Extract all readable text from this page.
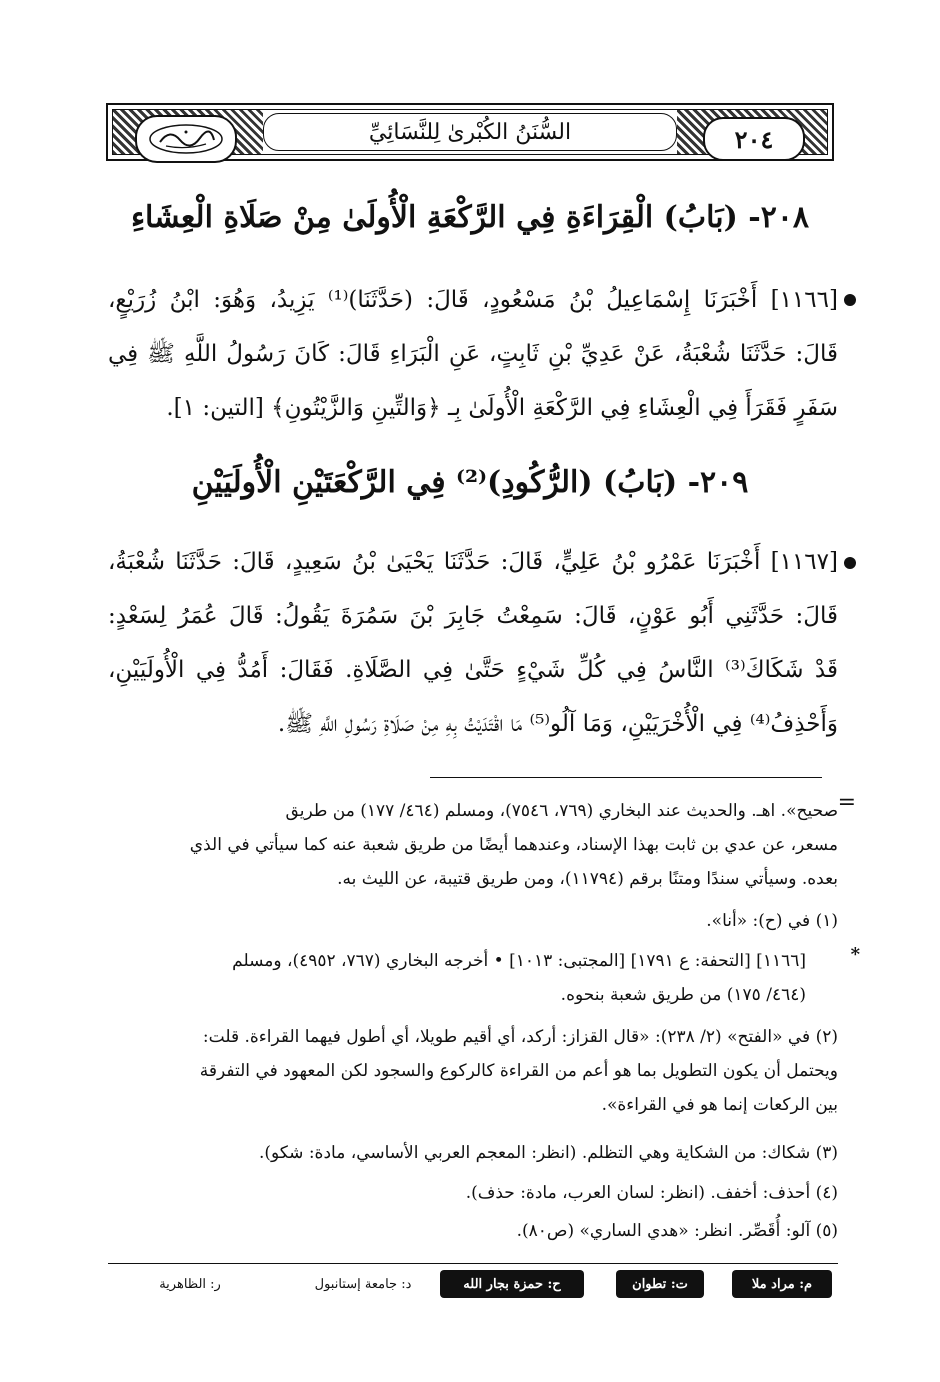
٢٠٤
السُّنَنُ الكُبْرىٰ لِلنَّسَائِيِّ
٢٠٨- (بَابُ) الْقِرَاءَةِ فِي الرَّكْعَةِ الْأُولَىٰ مِنْ صَلَاةِ الْعِشَاءِ
[١١٦٦] أَخْبَرَنَا إِسْمَاعِيلُ بْنُ مَسْعُودٍ، قَالَ: (حَدَّثَنَا)⁽¹⁾ يَزِيدُ، وَهُوَ: ابْنُ زُرَيْعٍ،
قَالَ: حَدَّثَنَا شُعْبَةُ، عَنْ عَدِيِّ بْنِ ثَابِتٍ، عَنِ الْبَرَاءِ قَالَ: كَانَ رَسُولُ اللَّهِ ﷺ فِي
سَفَرٍ فَقَرَأَ فِي الْعِشَاءِ فِي الرَّكْعَةِ الْأُولَىٰ بِـ ﴿وَالتِّينِ وَالزَّيْتُونِ﴾ [التين: ١].
٢٠٩- (بَابُ) (الرُّكُودِ)⁽²⁾ فِي الرَّكْعَتَيْنِ الْأُولَيَيْنِ
[١١٦٧] أَخْبَرَنَا عَمْرُو بْنُ عَلِيٍّ، قَالَ: حَدَّثَنَا يَحْيَىٰ بْنُ سَعِيدٍ، قَالَ: حَدَّثَنَا شُعْبَةُ،
قَالَ: حَدَّثَنِي أَبُو عَوْنٍ، قَالَ: سَمِعْتُ جَابِرَ بْنَ سَمُرَةَ يَقُولُ: قَالَ عُمَرُ لِسَعْدٍ:
قَدْ شَكَاكَ⁽³⁾ النَّاسُ فِي كُلِّ شَيْءٍ حَتَّىٰ فِي الصَّلَاةِ. فَقَالَ: أَمُدُّ فِي الْأُولَيَيْنِ،
وَأَحْذِفُ⁽⁴⁾ فِي الْأُخْرَيَيْنِ، وَمَا آلُو⁽⁵⁾ مَا اقْتَدَيْتُ بِهِ مِنْ صَلَاةِ رَسُولِ اللَّهِ ﷺ.
=
صحيح». اهـ. والحديث عند البخاري (٧٦٩، ٧٥٤٦)، ومسلم (٤٦٤/ ١٧٧) من طريق
مسعر، عن عدي بن ثابت بهذا الإسناد، وعندهما أيضًا من طريق شعبة عنه كما سيأتي في الذي
بعده. وسيأتي سندًا ومتنًا برقم (١١٧٩٤)، ومن طريق قتيبة، عن الليث به.
(١) في (ح): «أنا».
*
[١١٦٦] [التحفة: ع ١٧٩١] [المجتبى: ١٠١٣] • أخرجه البخاري (٧٦٧، ٤٩٥٢)، ومسلم
(٤٦٤/ ١٧٥) من طريق شعبة بنحوه.
(٢) في «الفتح» (٢/ ٢٣٨): «قال القزاز: أركد، أي أقيم طويلا، أي أطول فيهما القراءة. قلت:
ويحتمل أن يكون التطويل بما هو أعم من القراءة كالركوع والسجود لكن المعهود في التفرقة
بين الركعات إنما هو في القراءة».
(٣) شكاك: من الشكاية وهي التظلم. (انظر: المعجم العربي الأساسي، مادة: شكو).
(٤) أحذف: أخفف. (انظر: لسان العرب، مادة: حذف).
(٥) آلو: أُقَصِّر. انظر: «هدي الساري» (ص٨٠).
م: مراد ملا
ت: تطوان
ح: حمزة بجار الله
د: جامعة إستانبول
ر: الظاهرية
